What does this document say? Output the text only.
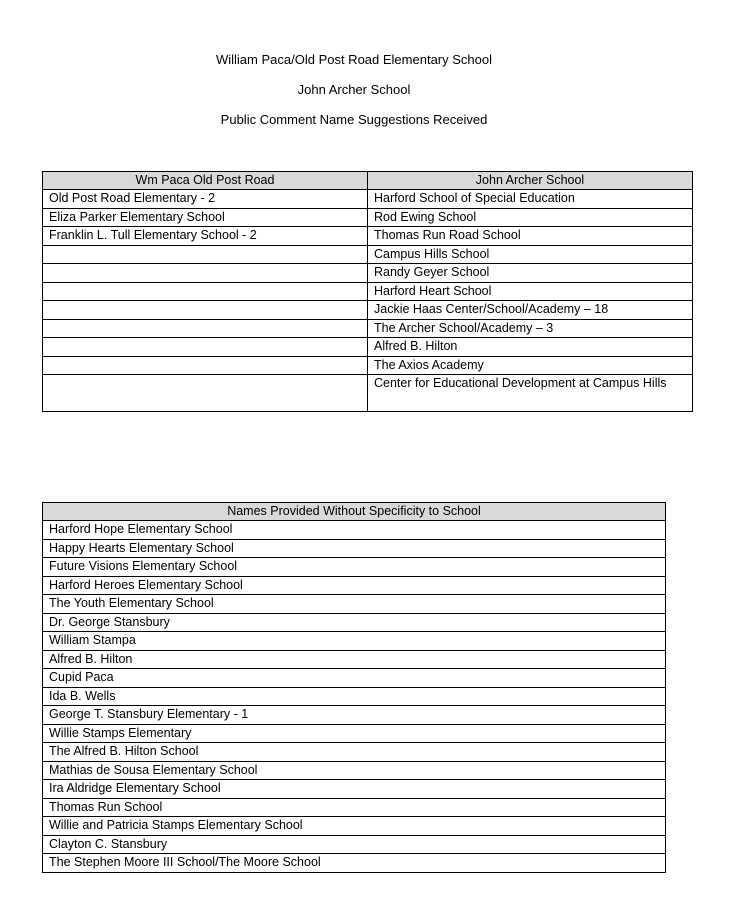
William Paca/Old Post Road Elementary School
John Archer School
Public Comment Name Suggestions Received
Wm Paca Old Post Road	John Archer School
Old Post Road Elementary - 2	Harford School of Special Education
Eliza Parker Elementary School	Rod Ewing School
Franklin L. Tull Elementary School - 2	Thomas Run Road School
	Campus Hills School
	Randy Geyer School
	Harford Heart School
	Jackie Haas Center/School/Academy – 18
	The Archer School/Academy – 3
	Alfred B. Hilton
	The Axios Academy
	Center for Educational Development at Campus Hills
Names Provided Without Specificity to School
Harford Hope Elementary School
Happy Hearts Elementary School
Future Visions Elementary School
Harford Heroes Elementary School
The Youth Elementary School
Dr. George Stansbury
William Stampa
Alfred B. Hilton
Cupid Paca
Ida B. Wells
George T. Stansbury Elementary - 1
Willie Stamps Elementary
The Alfred B. Hilton School
Mathias de Sousa Elementary School
Ira Aldridge Elementary School
Thomas Run School
Willie and Patricia Stamps Elementary School
Clayton C. Stansbury
The Stephen Moore III School/The Moore School
